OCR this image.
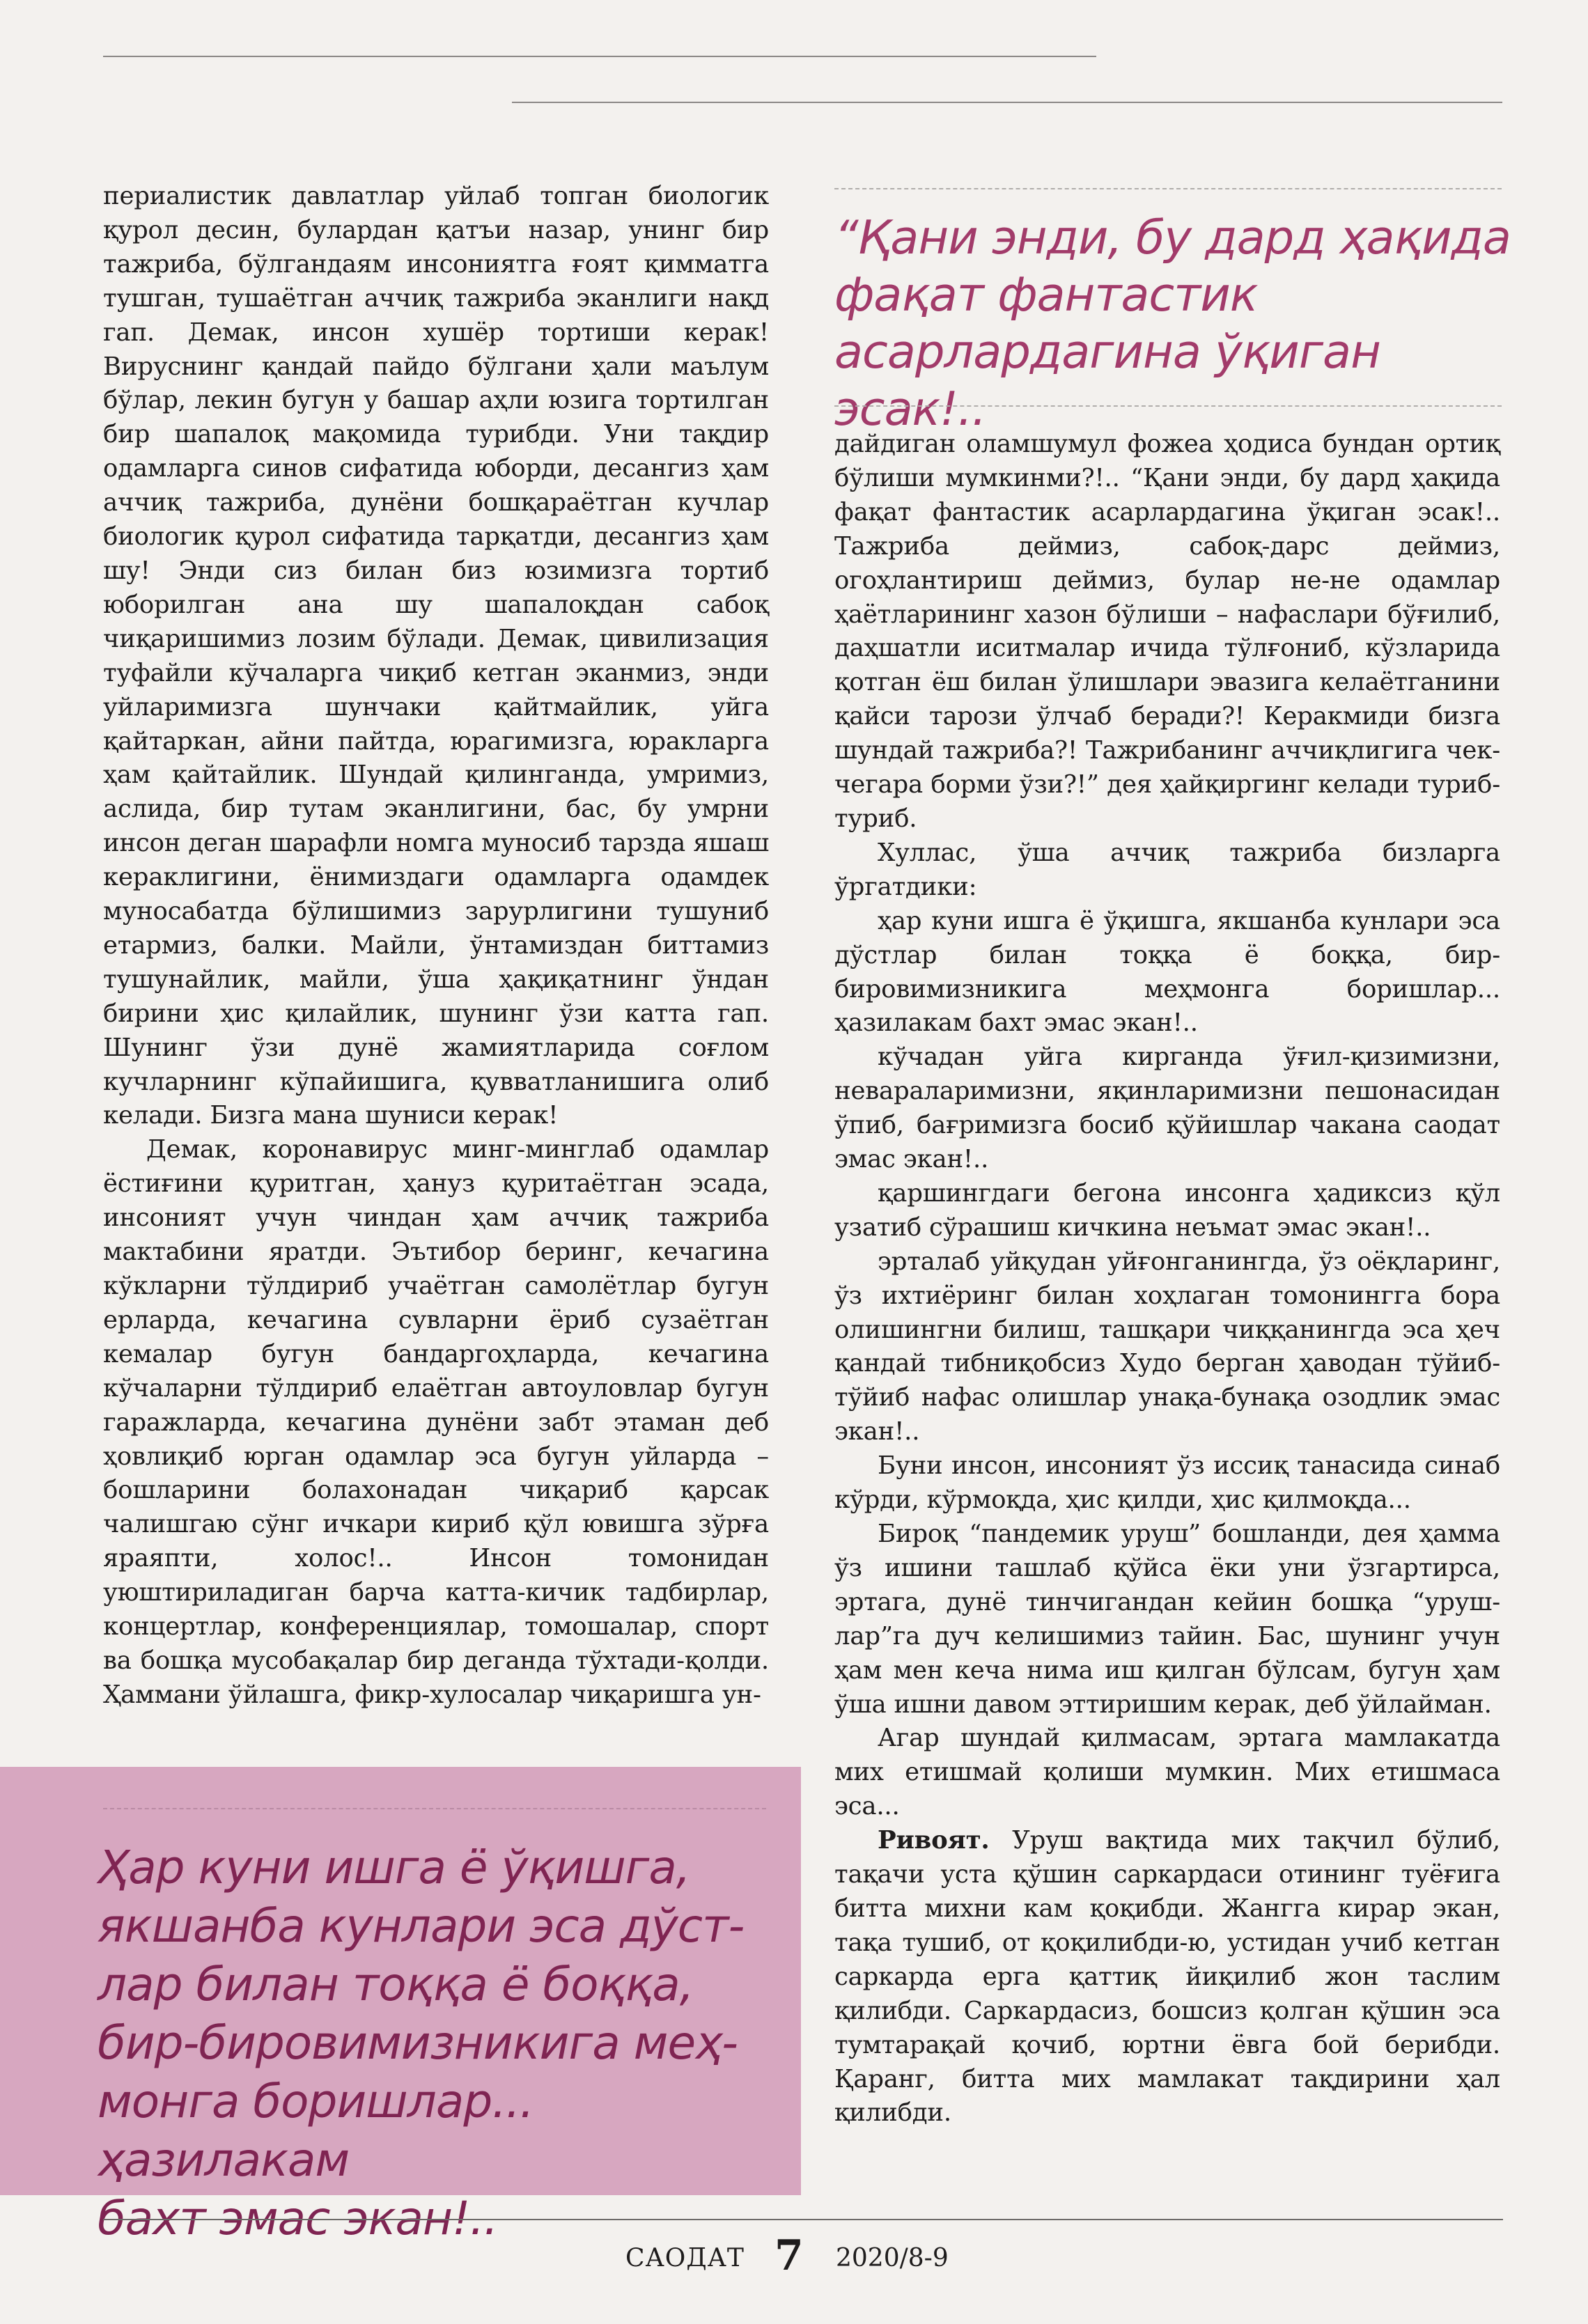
периалистик давлатлар уйлаб топган биологик қурол десин, булардан қатъи назар, унинг бир тажриба, бўлгандаям инсониятга ғоят қимматга тушган, тушаётган аччиқ тажриба эканлиги нақд гап. Демак, инсон хушёр тортиши керак! Вируснинг қандай пайдо бўлгани ҳали маълум бўлар, лекин бугун у башар аҳли юзига тортилган бир шапалоқ мақомида турибди. Уни тақдир одамларга синов сифатида юборди, десангиз ҳам аччиқ тажриба, дунёни бошқараётган кучлар биологик қурол сифатида тарқатди, десангиз ҳам шу! Энди сиз билан биз юзимизга тортиб юборилган ана шу шапалоқдан сабоқ чиқаришимиз лозим бўлади. Демак, цивилизация туфайли кўчаларга чиқиб кетган эканмиз, энди уйларимизга шунчаки қайтмайлик, уйга қайтаркан, айни пайтда, юрагимизга, юракларга ҳам қайтайлик. Шундай қилинганда, умримиз, аслида, бир тутам эканлигини, бас, бу умрни инсон деган шарафли номга муносиб тарзда яшаш кераклигини, ёнимиздаги одамларга одамдек муносабатда бўлишимиз зарурлигини тушуниб етармиз, балки. Майли, ўнтамиздан биттамиз тушунайлик, майли, ўша ҳақиқатнинг ўндан бирини ҳис қилайлик, шунинг ўзи катта гап. Шунинг ўзи дунё жамиятларида соғлом кучларнинг кўпайишига, қувватланишига олиб келади. Бизга мана шуниси керак!

Демак, коронавирус минг-минглаб одамлар ёстиғини қуритган, ҳануз қуритаётган эсада, инсоният учун чиндан ҳам аччиқ тажриба мактабини яратди. Эътибор беринг, кечагина кўкларни тўлдириб учаётган самолётлар бугун ерларда, кечагина сувларни ёриб сузаётган кемалар бугун бандаргоҳларда, кечагина кўчаларни тўлдириб елаётган автоуловлар бугун гаражларда, кечагина дунёни забт этаман деб ҳовлиқиб юрган одамлар эса бугун уйларда – бошларини болахонадан чиқариб қарсак чалишгаю сўнг ичкари кириб қўл ювишга зўрға яраяпти, холос!.. Инсон томонидан уюштириладиган барча катта-кичик тадбирлар, концертлар, конференциялар, томошалар, спорт ва бошқа мусобақалар бир деганда тўхтади-қолди. Ҳаммани ўйлашга, фикр-хулосалар чиқаришга ун-

“Қани энди, бу дард ҳақида

фақат фантастик

асарлардагина ўқиган эсак!..

дайдиган оламшумул фожеа ҳодиса бундан ортиқ бўлиши мумкинми?!.. “Қани энди, бу дард ҳақида фақат фантастик асарлардагина ўқиган эсак!.. Тажриба деймиз, сабоқ-дарс деймиз, огоҳлантириш деймиз, булар не-не одамлар ҳаётларининг хазон бўлиши – нафаслари бўғилиб, даҳшатли иситмалар ичида тўлғониб, кўзларида қотган ёш билан ўлишлари эвазига келаётганини қайси тарози ўлчаб беради?! Керакмиди бизга шундай тажриба?! Тажрибанинг аччиқлигига чек-чегара борми ўзи?!” дея ҳайқиргинг келади туриб-туриб.

Хуллас, ўша аччиқ тажриба бизларга ўргатдики:

ҳар куни ишга ё ўқишга, якшанба кунлари эса дўстлар билан тоққа ё боққа, бир-бировимизникига меҳмонга боришлар... ҳазилакам бахт эмас экан!..

кўчадан уйга кирганда ўғил-қизимизни, невараларимизни, яқинларимизни пешонасидан ўпиб, бағримизга босиб қўйишлар чакана саодат эмас экан!..

қаршингдаги бегона инсонга ҳадиксиз қўл узатиб сўрашиш кичкина неъмат эмас экан!..

эрталаб уйқудан уйғонганингда, ўз оёқларинг, ўз ихтиёринг билан хоҳлаган томонингга бора олишингни билиш, ташқари чиққанингда эса ҳеч қандай тибниқобсиз Худо берган ҳаводан тўйиб-тўйиб нафас олишлар унақа-бунақа озодлик эмас экан!..

Буни инсон, инсоният ўз иссиқ танасида синаб кўрди, кўрмоқда, ҳис қилди, ҳис қилмоқда...

Бироқ “пандемик уруш” бошланди, дея ҳамма ўз ишини ташлаб қўйса ёки уни ўзгартирса, эртага, дунё тинчигандан кейин бошқа “уруш-лар”га дуч келишимиз тайин. Бас, шунинг учун ҳам мен кеча нима иш қилган бўлсам, бугун ҳам ўша ишни давом эттиришим керак, деб ўйлайман.

Агар шундай қилмасам, эртага мамлакатда мих етишмай қолиши мумкин. Мих етишмаса эса...

Ривоят. Уруш вақтида мих тақчил бўлиб, тақачи уста қўшин саркардаси отининг туёғига битта михни кам қоқибди. Жангга кирар экан, тақа тушиб, от қоқилибди-ю, устидан учиб кетган саркарда ерга қаттиқ йиқилиб жон таслим қилибди. Саркардасиз, бошсиз қолган қўшин эса тумтарақай қочиб, юртни ёвга бой берибди. Қаранг, битта мих мамлакат тақдирини ҳал қилибди.

Ҳар куни ишга ё ўқишга,

якшанба кунлари эса дўст-

лар билан тоққа ё боққа,

бир-бировимизникига меҳ-

монга боришлар... ҳазилакам

бахт эмас экан!..

САОДАТ 7 2020/8-9
